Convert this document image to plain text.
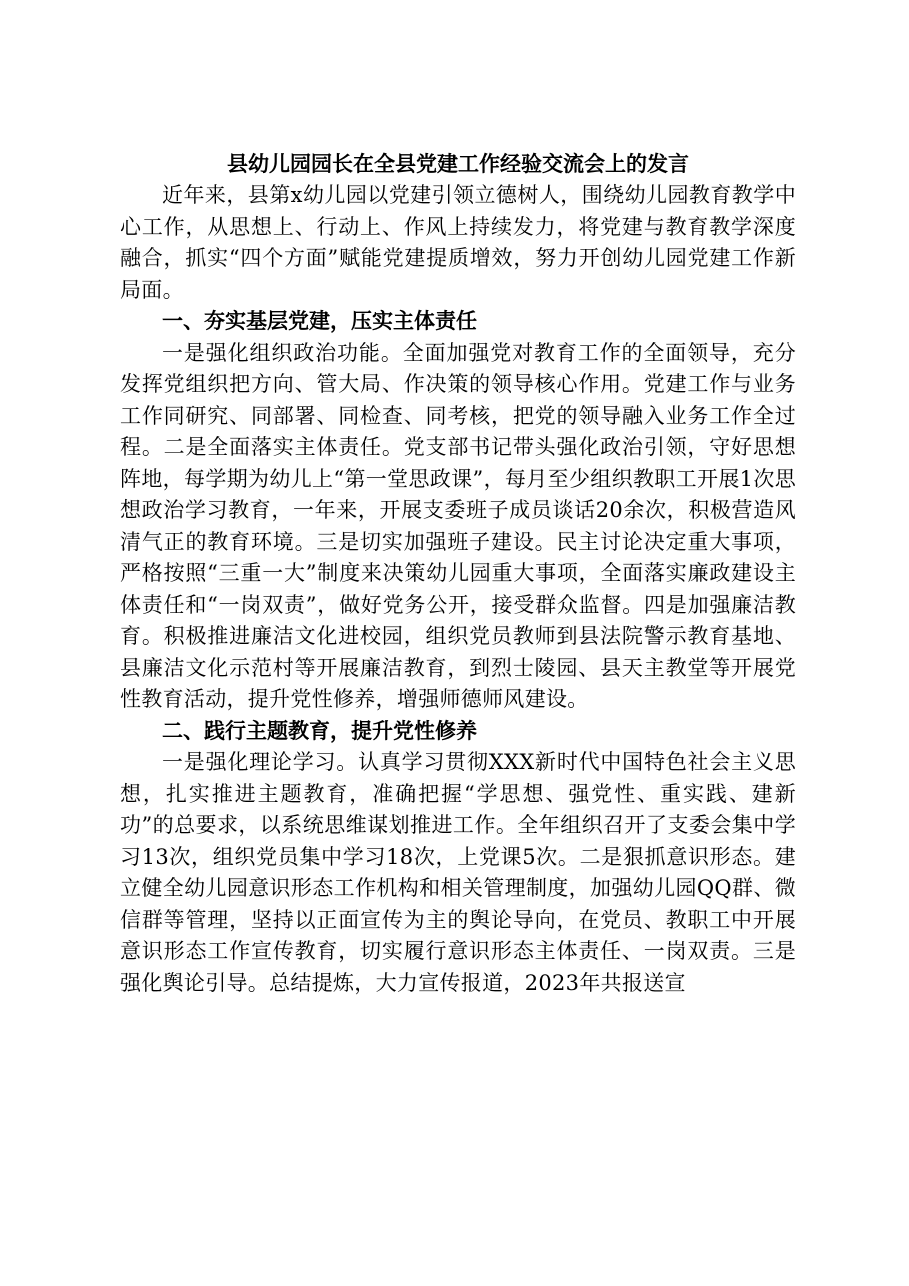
县幼儿园园长在全县党建工作经验交流会上的发言

近年来，县第x幼儿园以党建引领立德树人，围绕幼儿园教育教学中心工作，从思想上、行动上、作风上持续发力，将党建与教育教学深度融合，抓实“四个方面”赋能党建提质增效，努力开创幼儿园党建工作新局面。

一、夯实基层党建，压实主体责任

一是强化组织政治功能。全面加强党对教育工作的全面领导，充分发挥党组织把方向、管大局、作决策的领导核心作用。党建工作与业务工作同研究、同部署、同检查、同考核，把党的领导融入业务工作全过程。二是全面落实主体责任。党支部书记带头强化政治引领，守好思想阵地，每学期为幼儿上“第一堂思政课”，每月至少组织教职工开展1次思想政治学习教育，一年来，开展支委班子成员谈话20余次，积极营造风清气正的教育环境。三是切实加强班子建设。民主讨论决定重大事项，严格按照“三重一大”制度来决策幼儿园重大事项，全面落实廉政建设主体责任和“一岗双责”，做好党务公开，接受群众监督。四是加强廉洁教育。积极推进廉洁文化进校园，组织党员教师到县法院警示教育基地、县廉洁文化示范村等开展廉洁教育，到烈士陵园、县天主教堂等开展党性教育活动，提升党性修养，增强师德师风建设。

二、践行主题教育，提升党性修养

一是强化理论学习。认真学习贯彻XXX新时代中国特色社会主义思想，扎实推进主题教育，准确把握“学思想、强党性、重实践、建新功”的总要求，以系统思维谋划推进工作。全年组织召开了支委会集中学习13次，组织党员集中学习18次，上党课5次。二是狠抓意识形态。建立健全幼儿园意识形态工作机构和相关管理制度，加强幼儿园QQ群、微信群等管理，坚持以正面宣传为主的舆论导向，在党员、教职工中开展意识形态工作宣传教育，切实履行意识形态主体责任、一岗双责。三是强化舆论引导。总结提炼，大力宣传报道，2023年共报送宣
